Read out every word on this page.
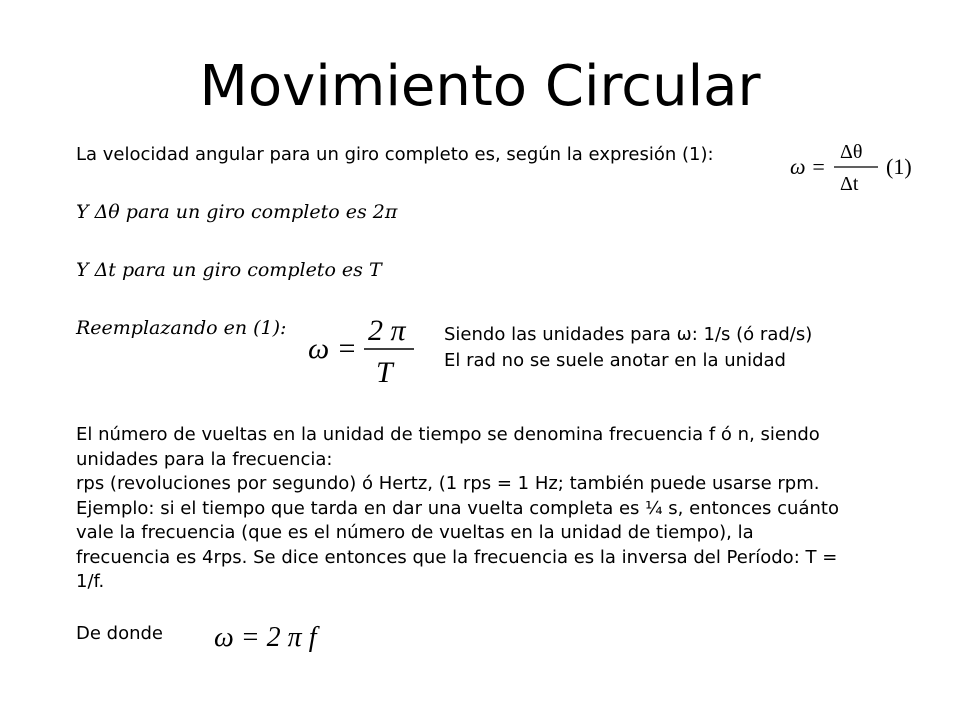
Movimiento Circular
La velocidad angular para un giro completo es, según la expresión (1):	ω =
Δθ
Δt
(1)
Y Δθ para un giro completo es 2π
Y Δt para un giro completo es T
Reemplazando en (1):
ω =
2 π
T
Siendo las unidades para ω: 1/s (ó rad/s)
El rad no se suele anotar en la unidad
El número de vueltas en la unidad de tiempo se denomina frecuencia f ó n, siendo
unidades para la frecuencia:
rps (revoluciones por segundo) ó Hertz, (1 rps = 1 Hz; también puede usarse rpm.
Ejemplo: si el tiempo que tarda en dar una vuelta completa es ¼ s, entonces cuánto
vale la frecuencia (que es el número de vueltas en la unidad de tiempo), la
frecuencia es 4rps. Se dice entonces que la frecuencia es la inversa del Período: T =
1/f.
De donde ω = 2 π f
